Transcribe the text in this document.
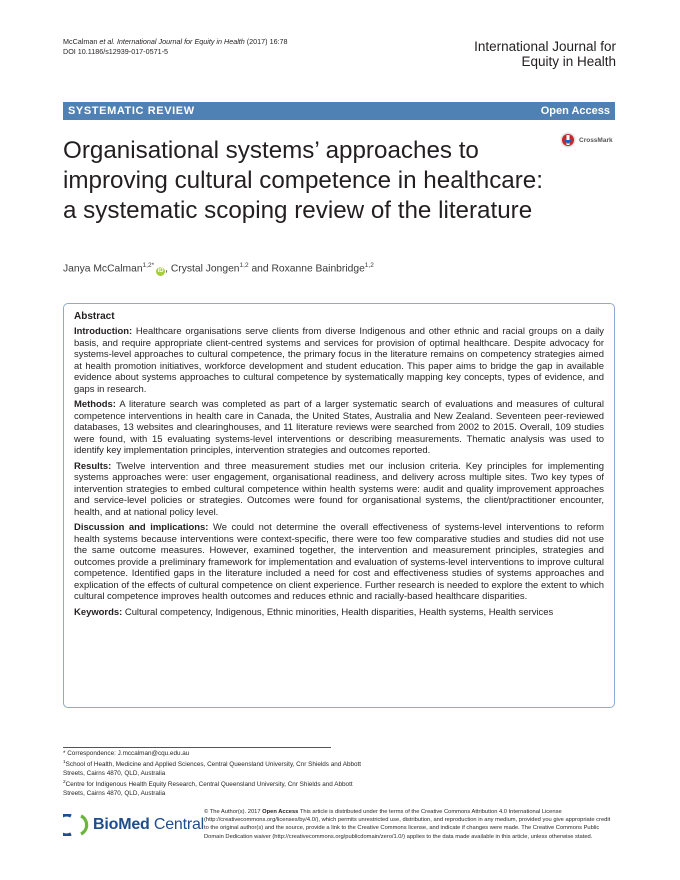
McCalman et al. International Journal for Equity in Health (2017) 16:78
DOI 10.1186/s12939-017-0571-5	International Journal for
Equity in Health
SYSTEMATIC REVIEW	Open Access
CrossMark
Organisational systems’ approaches to improving cultural competence in healthcare: a systematic scoping review of the literature
Janya McCalman$^{1,2*}$iD , Crystal Jongen$^{1,2}$ and Roxanne Bainbridge$^{1,2}$
Abstract

Introduction: Healthcare organisations serve clients from diverse Indigenous and other ethnic and racial groups on a daily basis, and require appropriate client-centred systems and services for provision of optimal healthcare. Despite advocacy for systems-level approaches to cultural competence, the primary focus in the literature remains on competency strategies aimed at health promotion initiatives, workforce development and student education. This paper aims to bridge the gap in available evidence about systems approaches to cultural competence by systematically mapping key concepts, types of evidence, and gaps in research.

Methods: A literature search was completed as part of a larger systematic search of evaluations and measures of cultural competence interventions in health care in Canada, the United States, Australia and New Zealand. Seventeen peer-reviewed databases, 13 websites and clearinghouses, and 11 literature reviews were searched from 2002 to 2015. Overall, 109 studies were found, with 15 evaluating systems-level interventions or describing measurements. Thematic analysis was used to identify key implementation principles, intervention strategies and outcomes reported.

Results: Twelve intervention and three measurement studies met our inclusion criteria. Key principles for implementing systems approaches were: user engagement, organisational readiness, and delivery across multiple sites. Two key types of intervention strategies to embed cultural competence within health systems were: audit and quality improvement approaches and service-level policies or strategies. Outcomes were found for organisational systems, the client/practitioner encounter, health, and at national policy level.

Discussion and implications: We could not determine the overall effectiveness of systems-level interventions to reform health systems because interventions were context-specific, there were too few comparative studies and studies did not use the same outcome measures. However, examined together, the intervention and measurement principles, strategies and outcomes provide a preliminary framework for implementation and evaluation of systems-level interventions to improve cultural competence. Identified gaps in the literature included a need for cost and effectiveness studies of systems approaches and explication of the effects of cultural competence on client experience. Further research is needed to explore the extent to which cultural competence improves health outcomes and reduces ethnic and racially-based healthcare disparities.

Keywords: Cultural competency, Indigenous, Ethnic minorities, Health disparities, Health systems, Health services

* Correspondence: J.mccalman@cqu.edu.au
$^1$School of Health, Medicine and Applied Sciences, Central Queensland University, Cnr Shields and Abbott Streets, Cairns 4870, QLD, Australia
$^2$Centre for Indigenous Health Equity Research, Central Queensland University, Cnr Shields and Abbott Streets, Cairns 4870, QLD, Australia
BioMed Central
© The Author(s). 2017 Open Access This article is distributed under the terms of the Creative Commons Attribution 4.0 International License (http://creativecommons.org/licenses/by/4.0/), which permits unrestricted use, distribution, and reproduction in any medium, provided you give appropriate credit to the original author(s) and the source, provide a link to the Creative Commons license, and indicate if changes were made. The Creative Commons Public Domain Dedication waiver (http://creativecommons.org/publicdomain/zero/1.0/) applies to the data made available in this article, unless otherwise stated.
